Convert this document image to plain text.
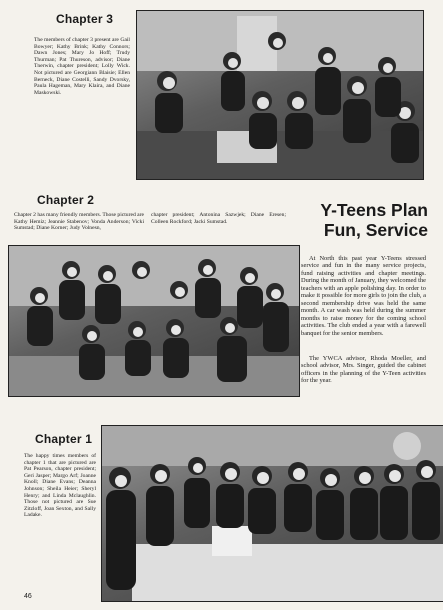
Chapter 3

The members of chapter 3 present are Gail Bowyer; Kathy Brink; Kathy Connors; Dawn Jones; Mary Jo Hoff; Trudy Thurman; Pat Thureson, advisor; Diane Tnerwin, chapter president; Lolly Wick. Not pictured are Georgiann Blaisie; Ellen Berneck, Diane Costelli, Sandy Dvorsky, Paula Hageman, Mary Klaira, and Diane Maskowski.

Chapter 2

Chapter 2 has many friendly members. Those pictured are Kathy Hemiz; Jeannie Stabenov; Vonda Anderson; Vicki Sumstad; Diane Korner; Judy Volnesn,

chapter president; Antonina Sazwjek; Diane Eresen; Colleen Rockford; Jacki Sumstad.

Y-Teens Plan
Fun, Service

At North this past year Y-Teens stressed service and fun in the many service projects, fund raising activities and chapter meetings. During the month of January, they welcomed the teachers with an apple polishing day. In order to make it possible for more girls to join the club, a second membership drive was held the same month. A car wash was held during the summer months to raise money for the coming school activities. The club ended a year with a farewell banquet for the senior members.

The YWCA advisor, Rhoda Moeller, and school advisor, Mrs. Singer, guided the cabinet officers in the planning of the Y-Teen activities for the year.

Chapter 1

The happy times members of chapter 1 that are pictured are Pat Pearson, chapter president; Geri Jasper; Margo Arf; Joanne Knoll; Diane Evans; Deanna Johnson; Sheila Heier; Sheryl Henry; and Linda Mclaughlin. Those not pictured are Sue Zitzloff, Joan Sexton, and Sally Ladake.

46
